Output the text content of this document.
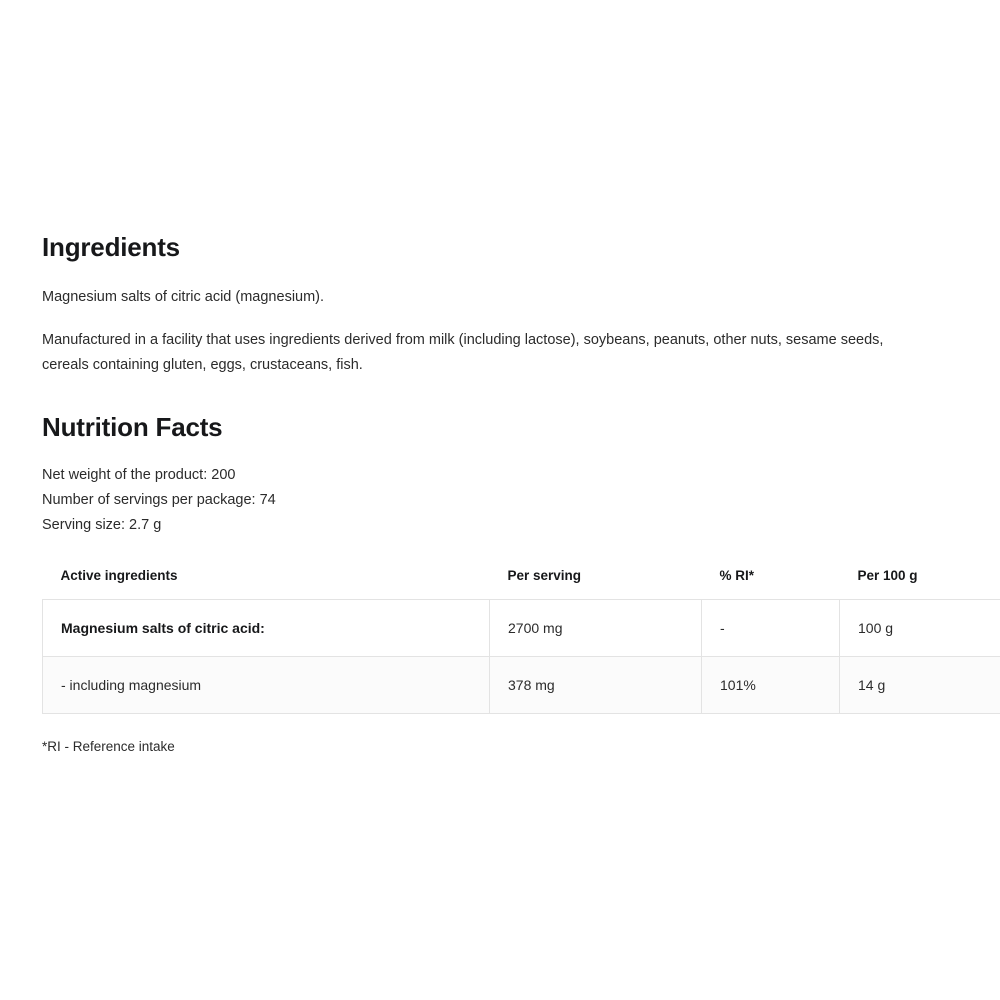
Ingredients

Magnesium salts of citric acid (magnesium).

Manufactured in a facility that uses ingredients derived from milk (including lactose), soybeans, peanuts, other nuts, sesame seeds, cereals containing gluten, eggs, crustaceans, fish.

Nutrition Facts
Net weight of the product: 200
Number of servings per package: 74
Serving size: 2.7 g
Active ingredients	Per serving	% RI*	Per 100 g
Magnesium salts of citric acid:	2700 mg	-	100 g
- including magnesium	378 mg	101%	14 g
*RI - Reference intake
